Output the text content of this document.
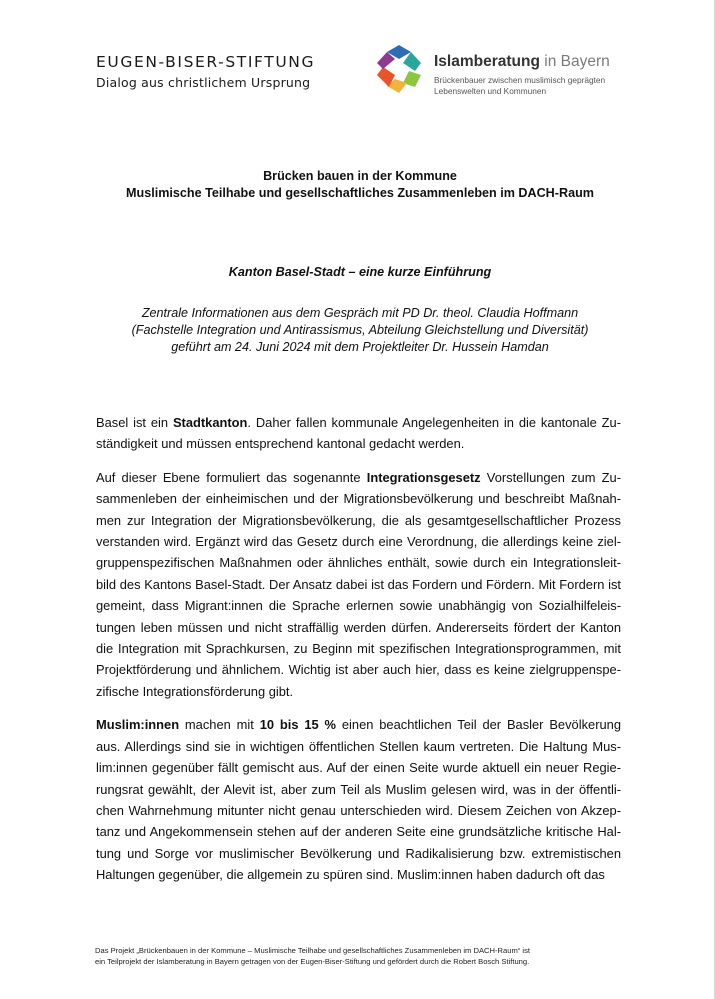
EUGEN-BISER-STIFTUNG
Dialog aus christlichem Ursprung
Islamberatung in Bayern
Brückenbauer zwischen muslimisch geprägten
Lebenswelten und Kommunen
Brücken bauen in der Kommune
Muslimische Teilhabe und gesellschaftliches Zusammenleben im DACH-Raum
Kanton Basel-Stadt – eine kurze Einführung
Zentrale Informationen aus dem Gespräch mit PD Dr. theol. Claudia Hoffmann
(Fachstelle Integration und Antirassismus, Abteilung Gleichstellung und Diversität)
geführt am 24. Juni 2024 mit dem Projektleiter Dr. Hussein Hamdan

Basel ist ein Stadtkanton. Daher fallen kommunale Angelegenheiten in die kantonale Zuständigkeit und müssen entsprechend kantonal gedacht werden.

Auf dieser Ebene formuliert das sogenannte Integrationsgesetz Vorstellungen zum Zusammenleben der einheimischen und der Migrationsbevölkerung und beschreibt Maßnahmen zur Integration der Migrationsbevölkerung, die als gesamtgesellschaftlicher Prozess verstanden wird. Ergänzt wird das Gesetz durch eine Verordnung, die allerdings keine zielgruppenspezifischen Maßnahmen oder ähnliches enthält, sowie durch ein Integrationsleitbild des Kantons Basel-Stadt. Der Ansatz dabei ist das Fordern und Fördern. Mit Fordern ist gemeint, dass Migrant:innen die Sprache erlernen sowie unabhängig von Sozialhilfeleistungen leben müssen und nicht straffällig werden dürfen. Andererseits fördert der Kanton die Integration mit Sprachkursen, zu Beginn mit spezifischen Integrationsprogrammen, mit Projektförderung und ähnlichem. Wichtig ist aber auch hier, dass es keine zielgruppenspezifische Integrationsförderung gibt.

Muslim:innen machen mit 10 bis 15 % einen beachtlichen Teil der Basler Bevölkerung aus. Allerdings sind sie in wichtigen öffentlichen Stellen kaum vertreten. Die Haltung Muslim:innen gegenüber fällt gemischt aus. Auf der einen Seite wurde aktuell ein neuer Regierungsrat gewählt, der Alevit ist, aber zum Teil als Muslim gelesen wird, was in der öffentlichen Wahrnehmung mitunter nicht genau unterschieden wird. Diesem Zeichen von Akzeptanz und Angekommensein stehen auf der anderen Seite eine grundsätzliche kritische Haltung und Sorge vor muslimischer Bevölkerung und Radikalisierung bzw. extremistischen Haltungen gegenüber, die allgemein zu spüren sind. Muslim:innen haben dadurch oft das

Das Projekt „Brückenbauen in der Kommune – Muslimische Teilhabe und gesellschaftliches Zusammenleben im DACH-Raum“ ist
ein Teilprojekt der Islamberatung in Bayern getragen von der Eugen-Biser-Stiftung und gefördert durch die Robert Bosch Stiftung.
